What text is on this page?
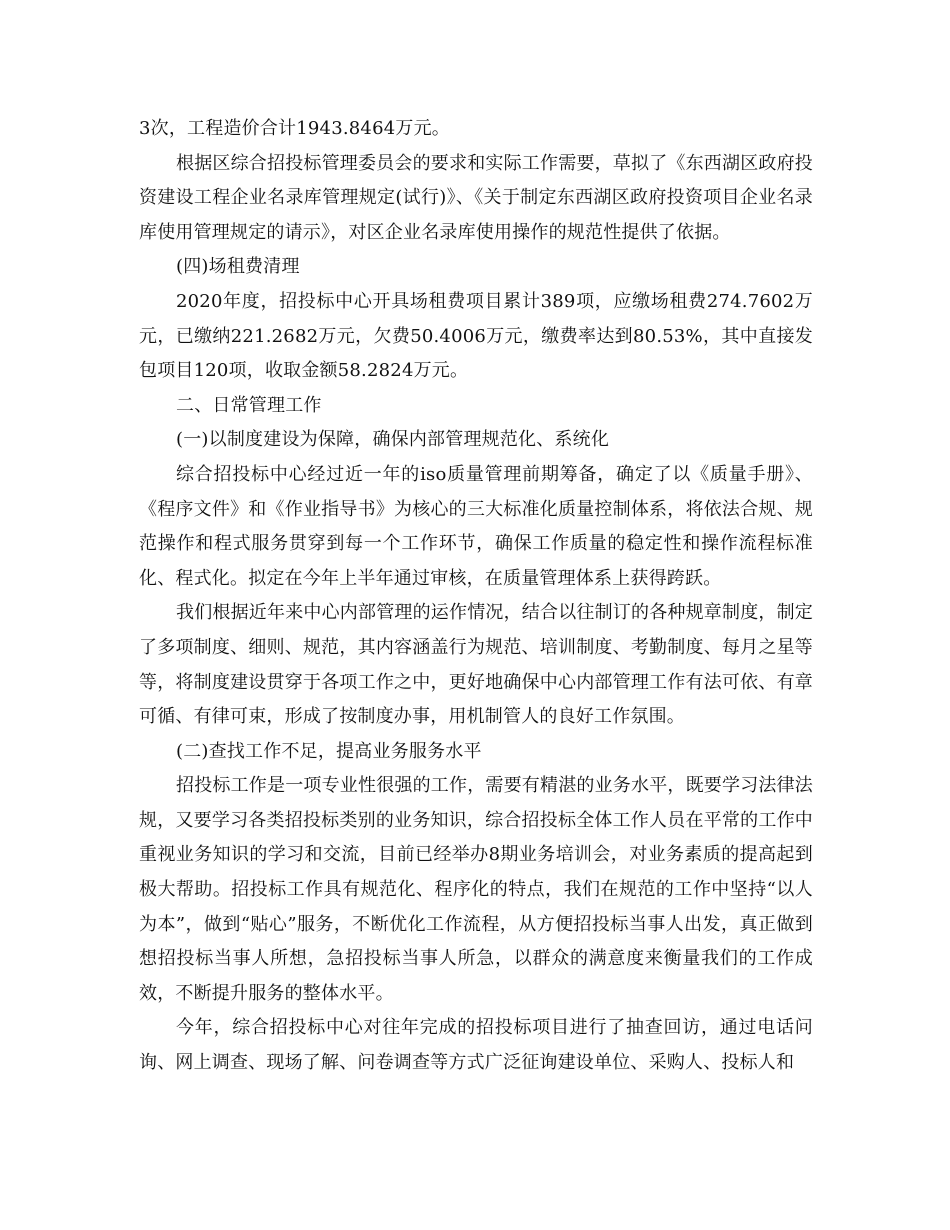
3次，工程造价合计1943.8464万元。

根据区综合招投标管理委员会的要求和实际工作需要，草拟了《东西湖区政府投资建设工程企业名录库管理规定(试行)》、《关于制定东西湖区政府投资项目企业名录库使用管理规定的请示》，对区企业名录库使用操作的规范性提供了依据。

(四)场租费清理

2020年度，招投标中心开具场租费项目累计389项，应缴场租费274.7602万元，已缴纳221.2682万元，欠费50.4006万元，缴费率达到80.53%，其中直接发包项目120项，收取金额58.2824万元。

二、日常管理工作

(一)以制度建设为保障，确保内部管理规范化、系统化

综合招投标中心经过近一年的iso质量管理前期筹备，确定了以《质量手册》、《程序文件》和《作业指导书》为核心的三大标准化质量控制体系，将依法合规、规范操作和程式服务贯穿到每一个工作环节，确保工作质量的稳定性和操作流程标准化、程式化。拟定在今年上半年通过审核，在质量管理体系上获得跨跃。

我们根据近年来中心内部管理的运作情况，结合以往制订的各种规章制度，制定了多项制度、细则、规范，其内容涵盖行为规范、培训制度、考勤制度、每月之星等等，将制度建设贯穿于各项工作之中，更好地确保中心内部管理工作有法可依、有章可循、有律可束，形成了按制度办事，用机制管人的良好工作氛围。

(二)查找工作不足，提高业务服务水平

招投标工作是一项专业性很强的工作，需要有精湛的业务水平，既要学习法律法规，又要学习各类招投标类别的业务知识，综合招投标全体工作人员在平常的工作中重视业务知识的学习和交流，目前已经举办8期业务培训会，对业务素质的提高起到极大帮助。招投标工作具有规范化、程序化的特点，我们在规范的工作中坚持“以人为本”，做到“贴心”服务，不断优化工作流程，从方便招投标当事人出发，真正做到想招投标当事人所想，急招投标当事人所急，以群众的满意度来衡量我们的工作成效，不断提升服务的整体水平。

今年，综合招投标中心对往年完成的招投标项目进行了抽查回访，通过电话问询、网上调查、现场了解、问卷调查等方式广泛征询建设单位、采购人、投标人和
